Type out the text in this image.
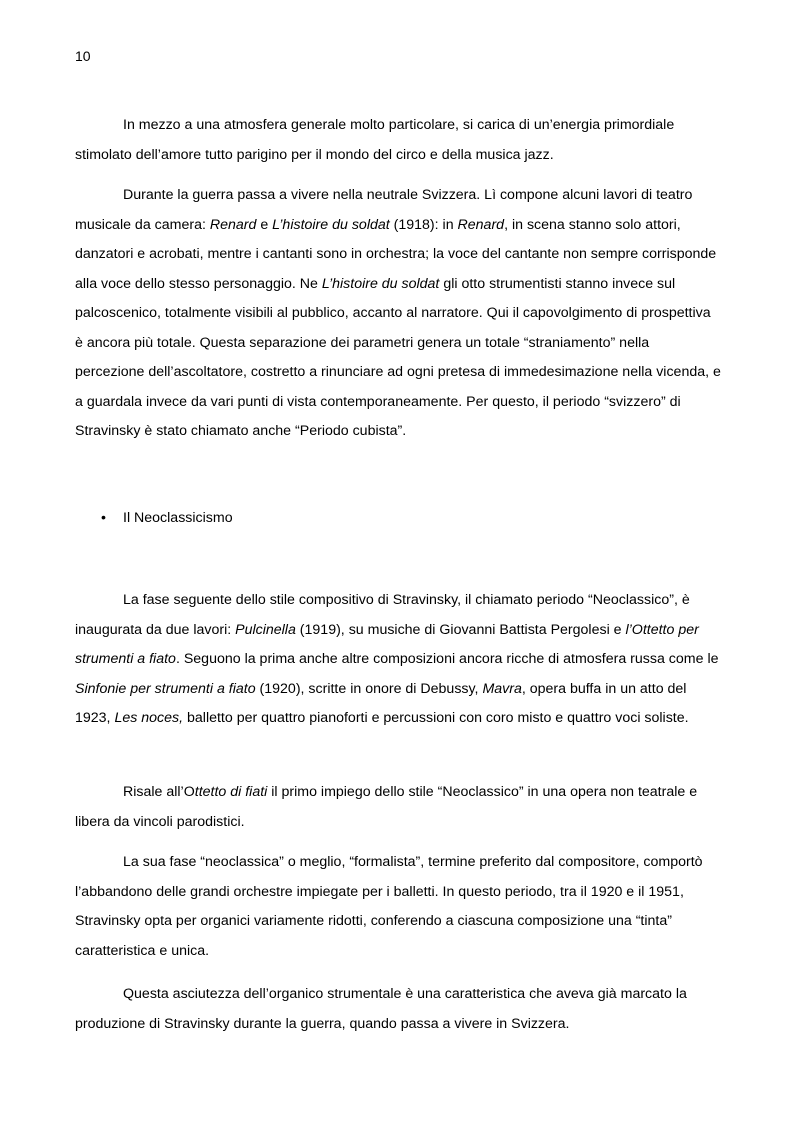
10

In mezzo a una atmosfera generale molto particolare, si carica di un’energia primordiale stimolato dell’amore tutto parigino per il mondo del circo e della musica jazz.

Durante la guerra passa a vivere nella neutrale Svizzera. Lì compone alcuni lavori di teatro musicale da camera: Renard e L’histoire du soldat (1918): in Renard, in scena stanno solo attori, danzatori e acrobati, mentre i cantanti sono in orchestra; la voce del cantante non sempre corrisponde alla voce dello stesso personaggio. Ne L’histoire du soldat gli otto strumentisti stanno invece sul palcoscenico, totalmente visibili al pubblico, accanto al narratore. Qui il capovolgimento di prospettiva è ancora più totale. Questa separazione dei parametri genera un totale “straniamento” nella percezione dell’ascoltatore, costretto a rinunciare ad ogni pretesa di immedesimazione nella vicenda, e a guardala invece da vari punti di vista contemporaneamente. Per questo, il periodo “svizzero” di Stravinsky è stato chiamato anche “Periodo cubista”.

• Il Neoclassicismo

La fase seguente dello stile compositivo di Stravinsky, il chiamato periodo “Neoclassico”, è inaugurata da due lavori: Pulcinella (1919), su musiche di Giovanni Battista Pergolesi e l’Ottetto per strumenti a fiato. Seguono la prima anche altre composizioni ancora ricche di atmosfera russa come le Sinfonie per strumenti a fiato (1920), scritte in onore di Debussy, Mavra, opera buffa in un atto del 1923, Les noces, balletto per quattro pianoforti e percussioni con coro misto e quattro voci soliste.

Risale all’Ottetto di fiati il primo impiego dello stile “Neoclassico” in una opera non teatrale e libera da vincoli parodistici.

La sua fase “neoclassica” o meglio, “formalista”, termine preferito dal compositore, comportò l’abbandono delle grandi orchestre impiegate per i balletti. In questo periodo, tra il 1920 e il 1951, Stravinsky opta per organici variamente ridotti, conferendo a ciascuna composizione una “tinta” caratteristica e unica.

Questa asciutezza dell’organico strumentale è una caratteristica che aveva già marcato la produzione di Stravinsky durante la guerra, quando passa a vivere in Svizzera.
